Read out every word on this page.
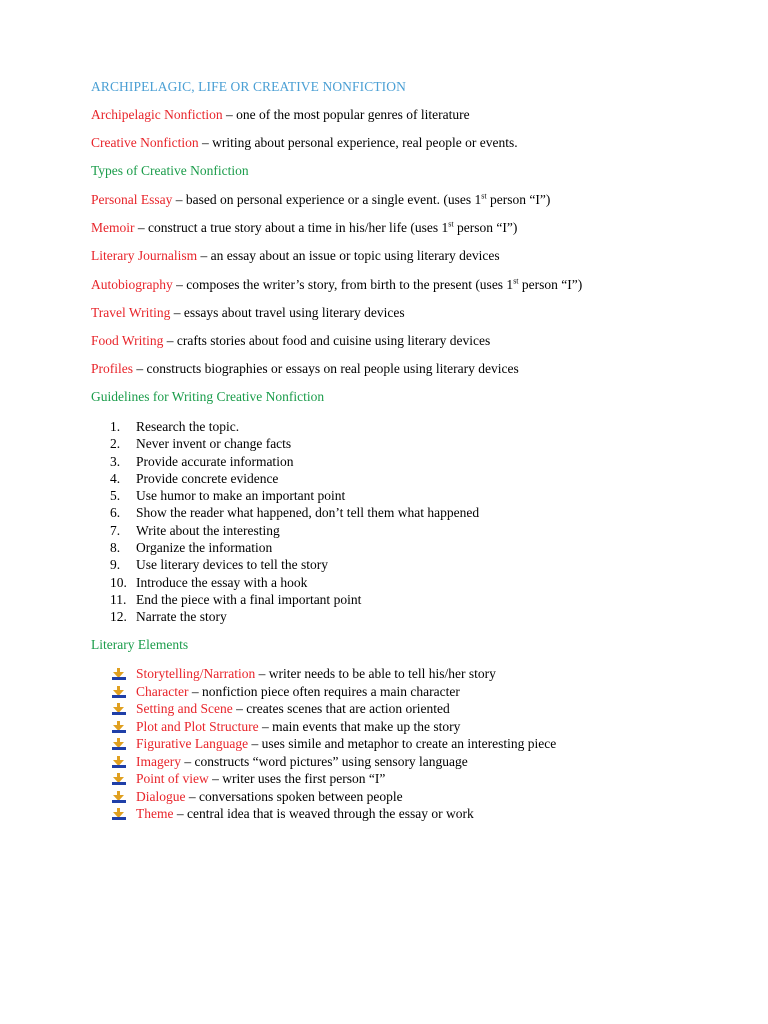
ARCHIPELAGIC, LIFE OR CREATIVE NONFICTION
Archipelagic Nonfiction – one of the most popular genres of literature
Creative Nonfiction – writing about personal experience, real people or events.
Types of Creative Nonfiction
Personal Essay – based on personal experience or a single event. (uses 1st person “I”)
Memoir – construct a true story about a time in his/her life (uses 1st person “I”)
Literary Journalism – an essay about an issue or topic using literary devices
Autobiography – composes the writer’s story, from birth to the present (uses 1st person “I”)
Travel Writing – essays about travel using literary devices
Food Writing – crafts stories about food and cuisine using literary devices
Profiles – constructs biographies or essays on real people using literary devices
Guidelines for Writing Creative Nonfiction
1.	Research the topic.
2.	Never invent or change facts
3.	Provide accurate information
4.	Provide concrete evidence
5.	Use humor to make an important point
6.	Show the reader what happened, don’t tell them what happened
7.	Write about the interesting
8.	Organize the information
9.	Use literary devices to tell the story
10. Introduce the essay with a hook
11. End the piece with a final important point
12. Narrate the story
Literary Elements
Storytelling/Narration – writer needs to be able to tell his/her story
Character – nonfiction piece often requires a main character
Setting and Scene – creates scenes that are action oriented
Plot and Plot Structure – main events that make up the story
Figurative Language – uses simile and metaphor to create an interesting piece
Imagery – constructs “word pictures” using sensory language
Point of view – writer uses the first person “I”
Dialogue – conversations spoken between people
Theme – central idea that is weaved through the essay or work
